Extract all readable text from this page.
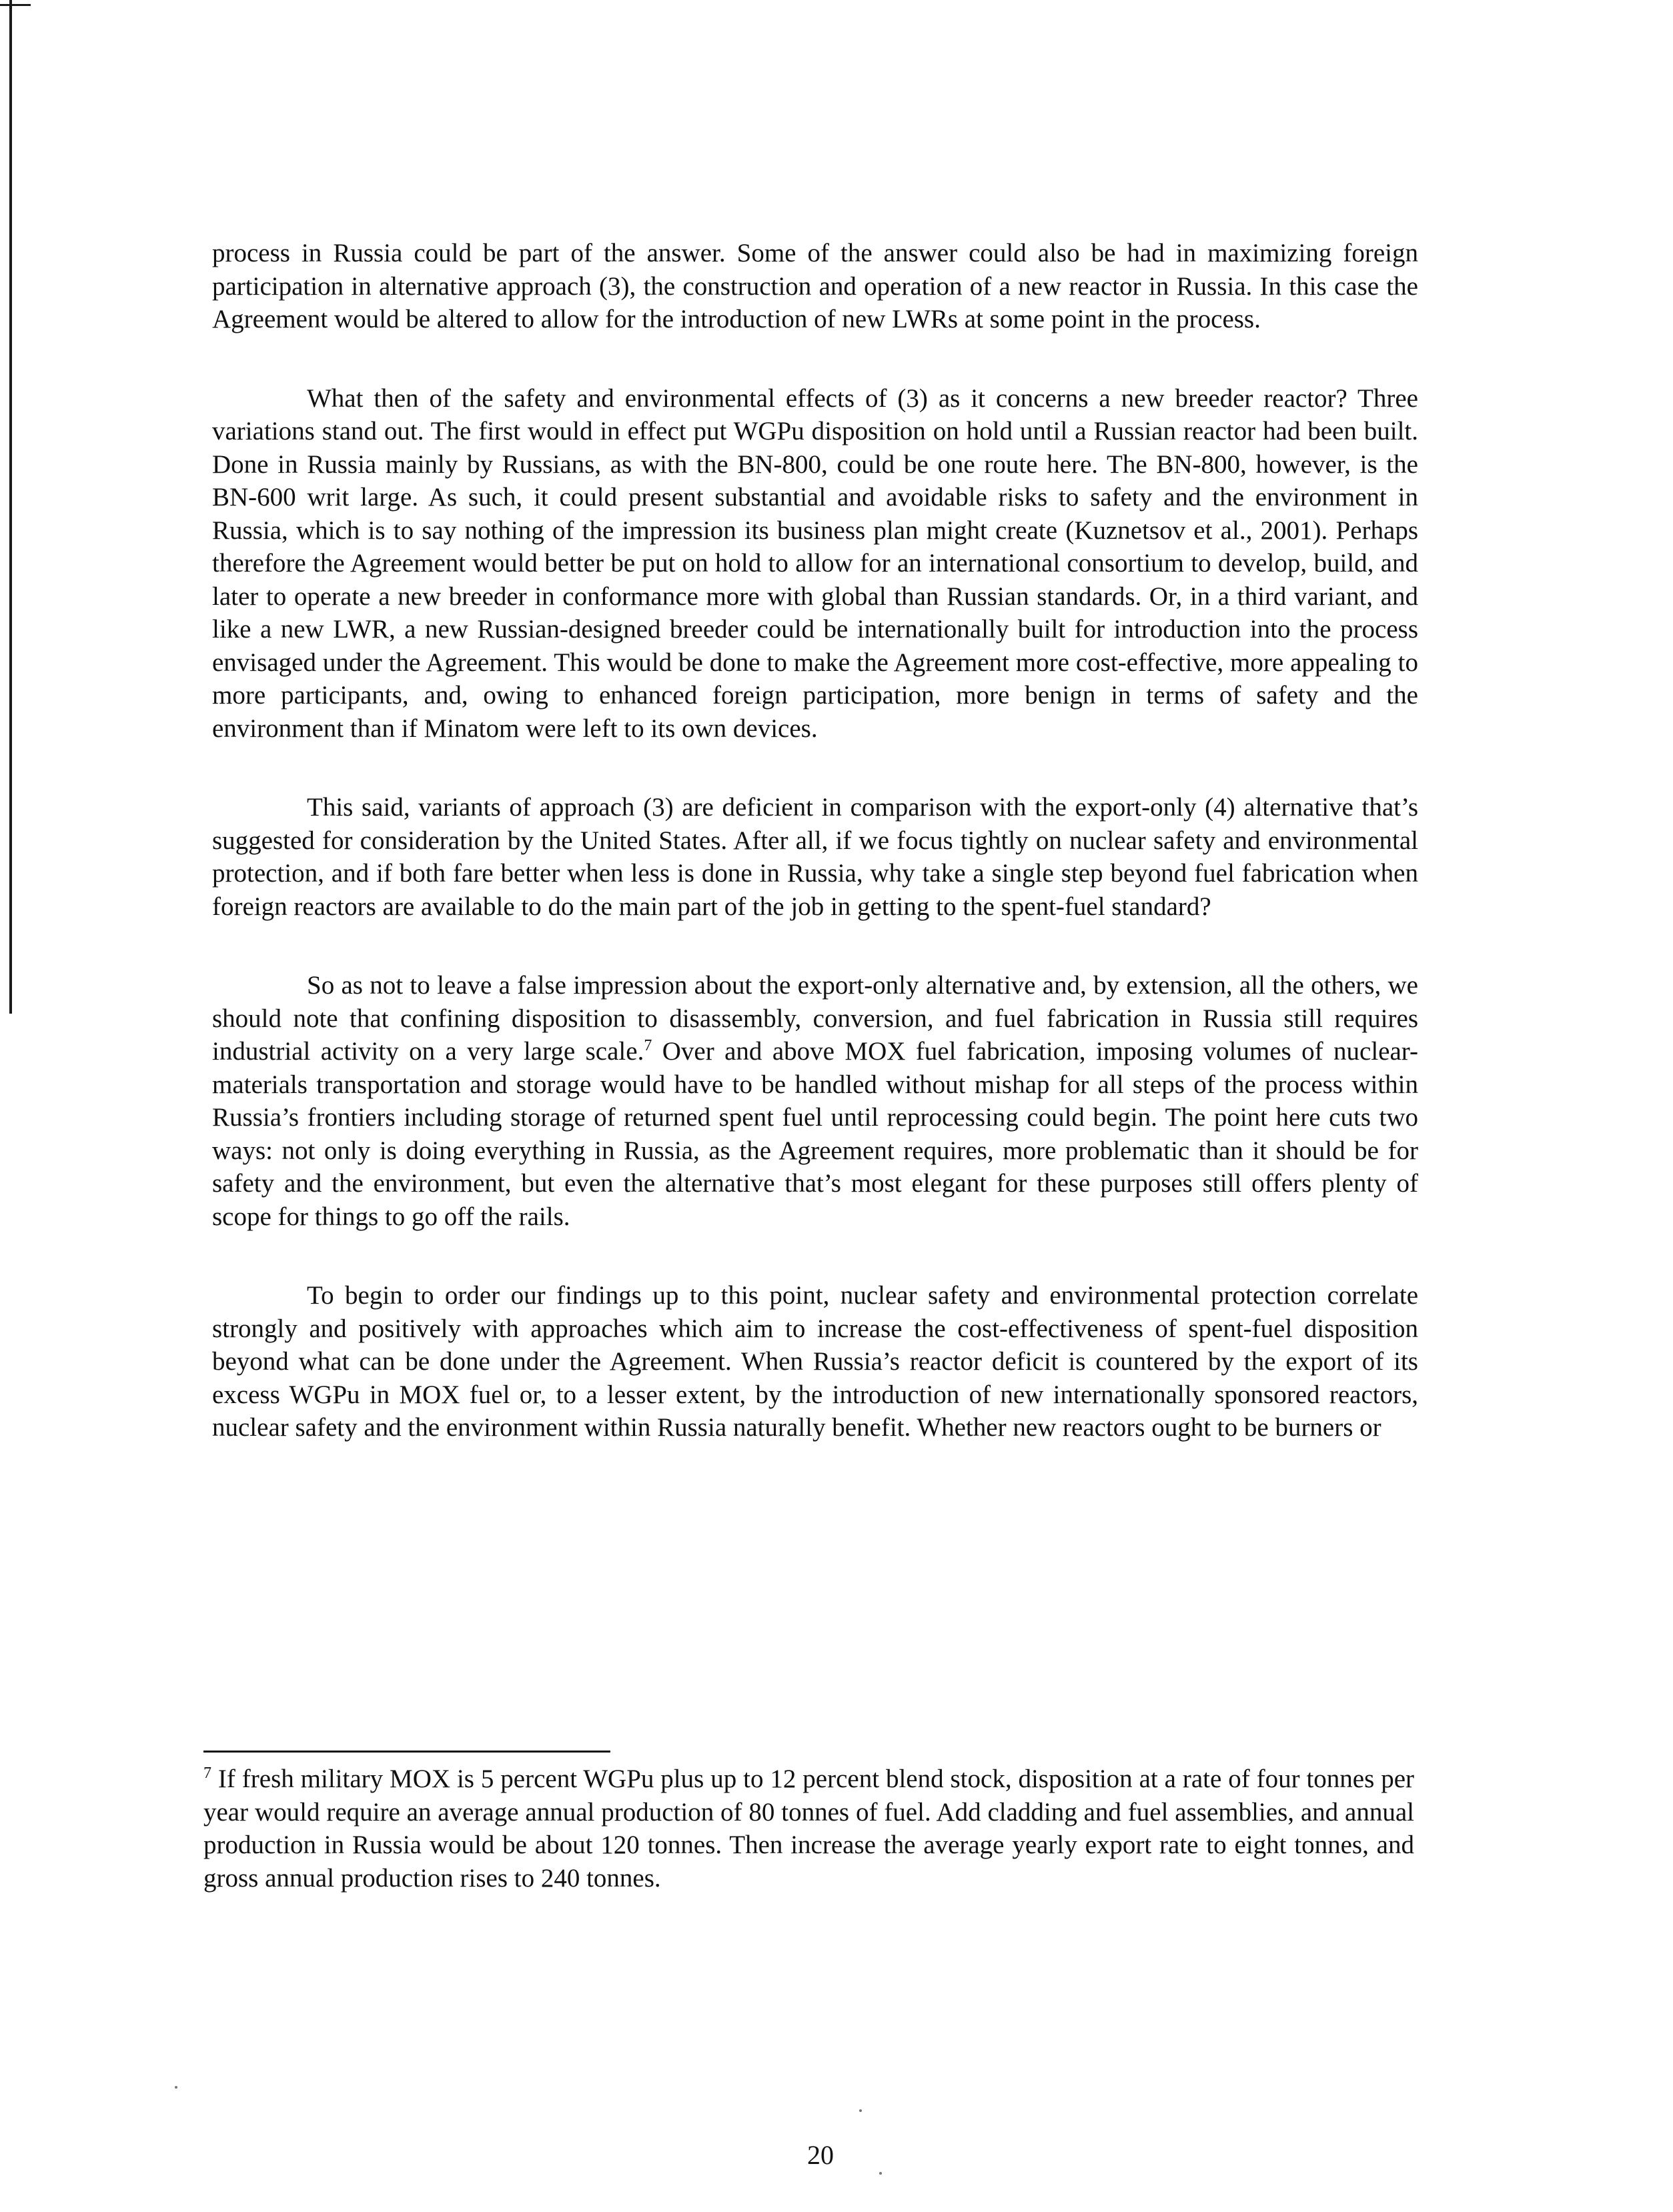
process in Russia could be part of the answer. Some of the answer could also be had in maximizing foreign participation in alternative approach (3), the construction and operation of a new reactor in Russia. In this case the Agreement would be altered to allow for the introduction of new LWRs at some point in the process.

What then of the safety and environmental effects of (3) as it concerns a new breeder reactor? Three variations stand out. The first would in effect put WGPu disposition on hold until a Russian reactor had been built. Done in Russia mainly by Russians, as with the BN-800, could be one route here. The BN-800, however, is the BN-600 writ large. As such, it could present substantial and avoidable risks to safety and the environment in Russia, which is to say nothing of the impression its business plan might create (Kuznetsov et al., 2001). Perhaps therefore the Agreement would better be put on hold to allow for an international consortium to develop, build, and later to operate a new breeder in conformance more with global than Russian standards. Or, in a third variant, and like a new LWR, a new Russian-designed breeder could be internationally built for introduction into the process envisaged under the Agreement. This would be done to make the Agreement more cost-effective, more appealing to more participants, and, owing to enhanced foreign participation, more benign in terms of safety and the environment than if Minatom were left to its own devices.

This said, variants of approach (3) are deficient in comparison with the export-only (4) alternative that’s suggested for consideration by the United States. After all, if we focus tightly on nuclear safety and environmental protection, and if both fare better when less is done in Russia, why take a single step beyond fuel fabrication when foreign reactors are available to do the main part of the job in getting to the spent-fuel standard?

So as not to leave a false impression about the export-only alternative and, by extension, all the others, we should note that confining disposition to disassembly, conversion, and fuel fabrication in Russia still requires industrial activity on a very large scale.$^7$ Over and above MOX fuel fabrication, imposing volumes of nuclear-materials transportation and storage would have to be handled without mishap for all steps of the process within Russia’s frontiers including storage of returned spent fuel until reprocessing could begin. The point here cuts two ways: not only is doing everything in Russia, as the Agreement requires, more problematic than it should be for safety and the environment, but even the alternative that’s most elegant for these purposes still offers plenty of scope for things to go off the rails.

To begin to order our findings up to this point, nuclear safety and environmental protection correlate strongly and positively with approaches which aim to increase the cost-effectiveness of spent-fuel disposition beyond what can be done under the Agreement. When Russia’s reactor deficit is countered by the export of its excess WGPu in MOX fuel or, to a lesser extent, by the introduction of new internationally sponsored reactors, nuclear safety and the environment within Russia naturally benefit. Whether new reactors ought to be burners or

$^7$ If fresh military MOX is 5 percent WGPu plus up to 12 percent blend stock, disposition at a rate of four tonnes per year would require an average annual production of 80 tonnes of fuel. Add cladding and fuel assemblies, and annual production in Russia would be about 120 tonnes. Then increase the average yearly export rate to eight tonnes, and gross annual production rises to 240 tonnes.

20
